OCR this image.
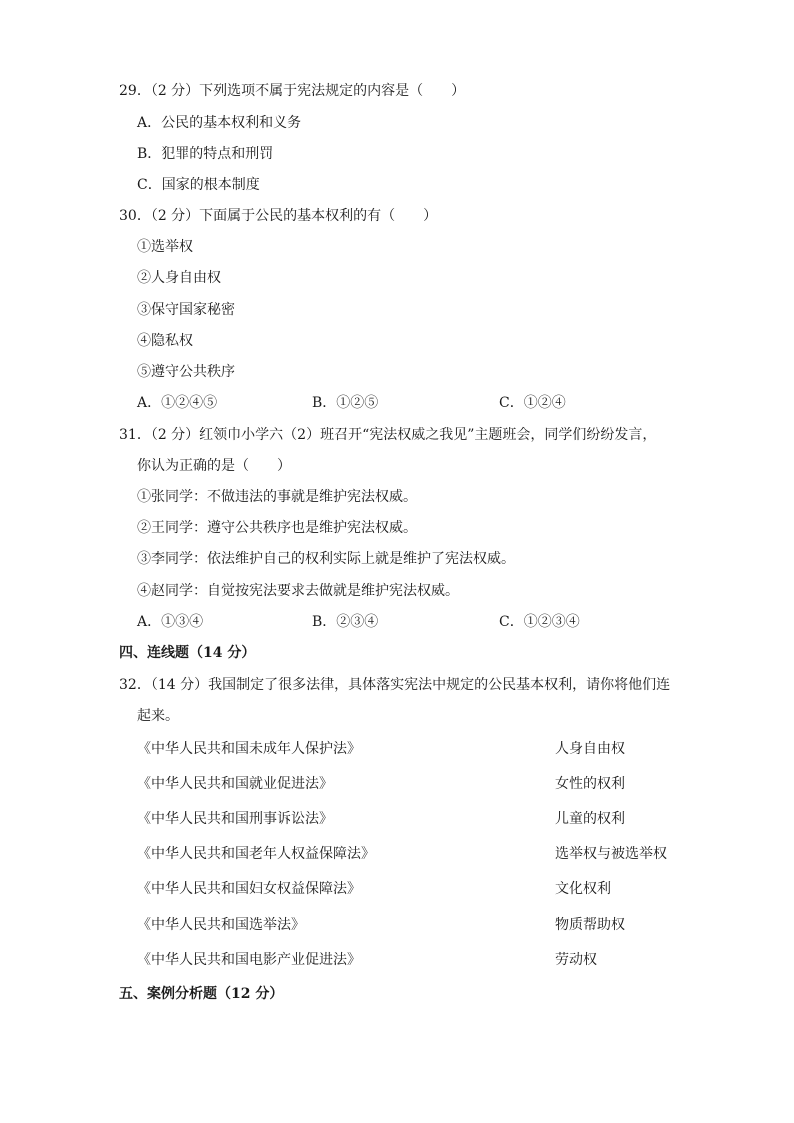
29．（2 分）下列选项不属于宪法规定的内容是（　　）
A．公民的基本权利和义务
B．犯罪的特点和刑罚
C．国家的根本制度
30．（2 分）下面属于公民的基本权利的有（　　）
①选举权
②人身自由权
③保守国家秘密
④隐私权
⑤遵守公共秩序
A．①②④⑤	B．①②⑤	C．①②④
31．（2 分）红领巾小学六（2）班召开“宪法权威之我见”主题班会，同学们纷纷发言，
你认为正确的是（　　）
①张同学：不做违法的事就是维护宪法权威。
②王同学：遵守公共秩序也是维护宪法权威。
③李同学：依法维护自己的权利实际上就是维护了宪法权威。
④赵同学：自觉按宪法要求去做就是维护宪法权威。
A．①③④	B．②③④	C．①②③④
四、连线题（14 分）
32．（14 分）我国制定了很多法律，具体落实宪法中规定的公民基本权利，请你将他们连
起来。
《中华人民共和国未成年人保护法》	人身自由权
《中华人民共和国就业促进法》	女性的权利
《中华人民共和国刑事诉讼法》	儿童的权利
《中华人民共和国老年人权益保障法》	选举权与被选举权
《中华人民共和国妇女权益保障法》	文化权利
《中华人民共和国选举法》	物质帮助权
《中华人民共和国电影产业促进法》	劳动权
五、案例分析题（12 分）
